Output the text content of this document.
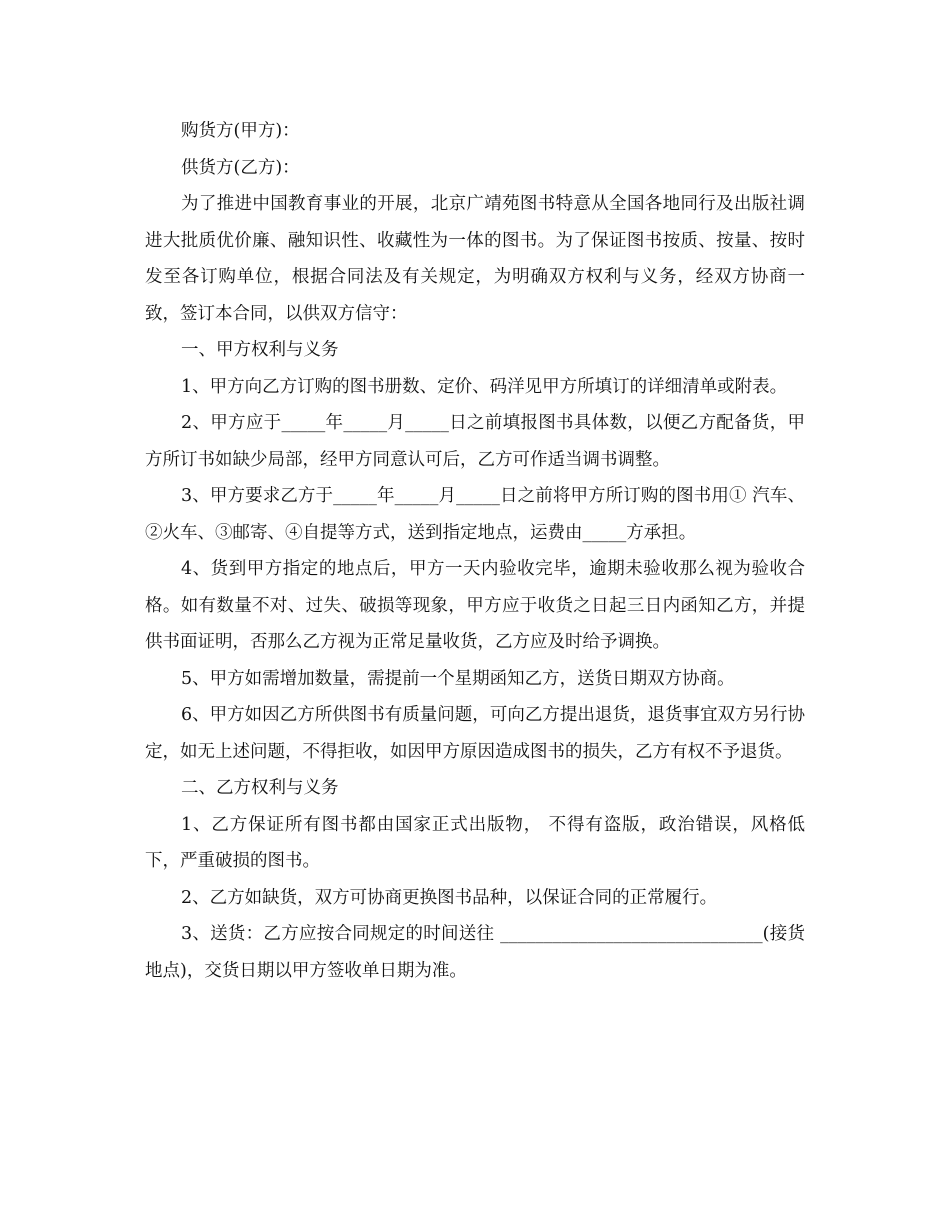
购货方(甲方)：

供货方(乙方)：

为了推进中国教育事业的开展，北京广靖苑图书特意从全国各地同行及出版社调进大批质优价廉、融知识性、收藏性为一体的图书。为了保证图书按质、按量、按时发至各订购单位，根据合同法及有关规定，为明确双方权利与义务，经双方协商一致，签订本合同，以供双方信守：

一、甲方权利与义务

1、甲方向乙方订购的图书册数、定价、码洋见甲方所填订的详细清单或附表。

2、甲方应于_____年_____月_____日之前填报图书具体数，以便乙方配备货，甲方所订书如缺少局部，经甲方同意认可后，乙方可作适当调书调整。

3、甲方要求乙方于_____年_____月_____日之前将甲方所订购的图书用① 汽车、②火车、③邮寄、④自提等方式，送到指定地点，运费由_____方承担。

4、货到甲方指定的地点后，甲方一天内验收完毕，逾期未验收那么视为验收合格。如有数量不对、过失、破损等现象，甲方应于收货之日起三日内函知乙方，并提供书面证明，否那么乙方视为正常足量收货，乙方应及时给予调换。

5、甲方如需增加数量，需提前一个星期函知乙方，送货日期双方协商。

6、甲方如因乙方所供图书有质量问题，可向乙方提出退货，退货事宜双方另行协定，如无上述问题，不得拒收，如因甲方原因造成图书的损失，乙方有权不予退货。

二、乙方权利与义务

1、乙方保证所有图书都由国家正式出版物， 不得有盗版，政治错误，风格低下，严重破损的图书。

2、乙方如缺货，双方可协商更换图书品种，以保证合同的正常履行。

3、送货：乙方应按合同规定的时间送往 ______________________________(接货地点)，交货日期以甲方签收单日期为准。
